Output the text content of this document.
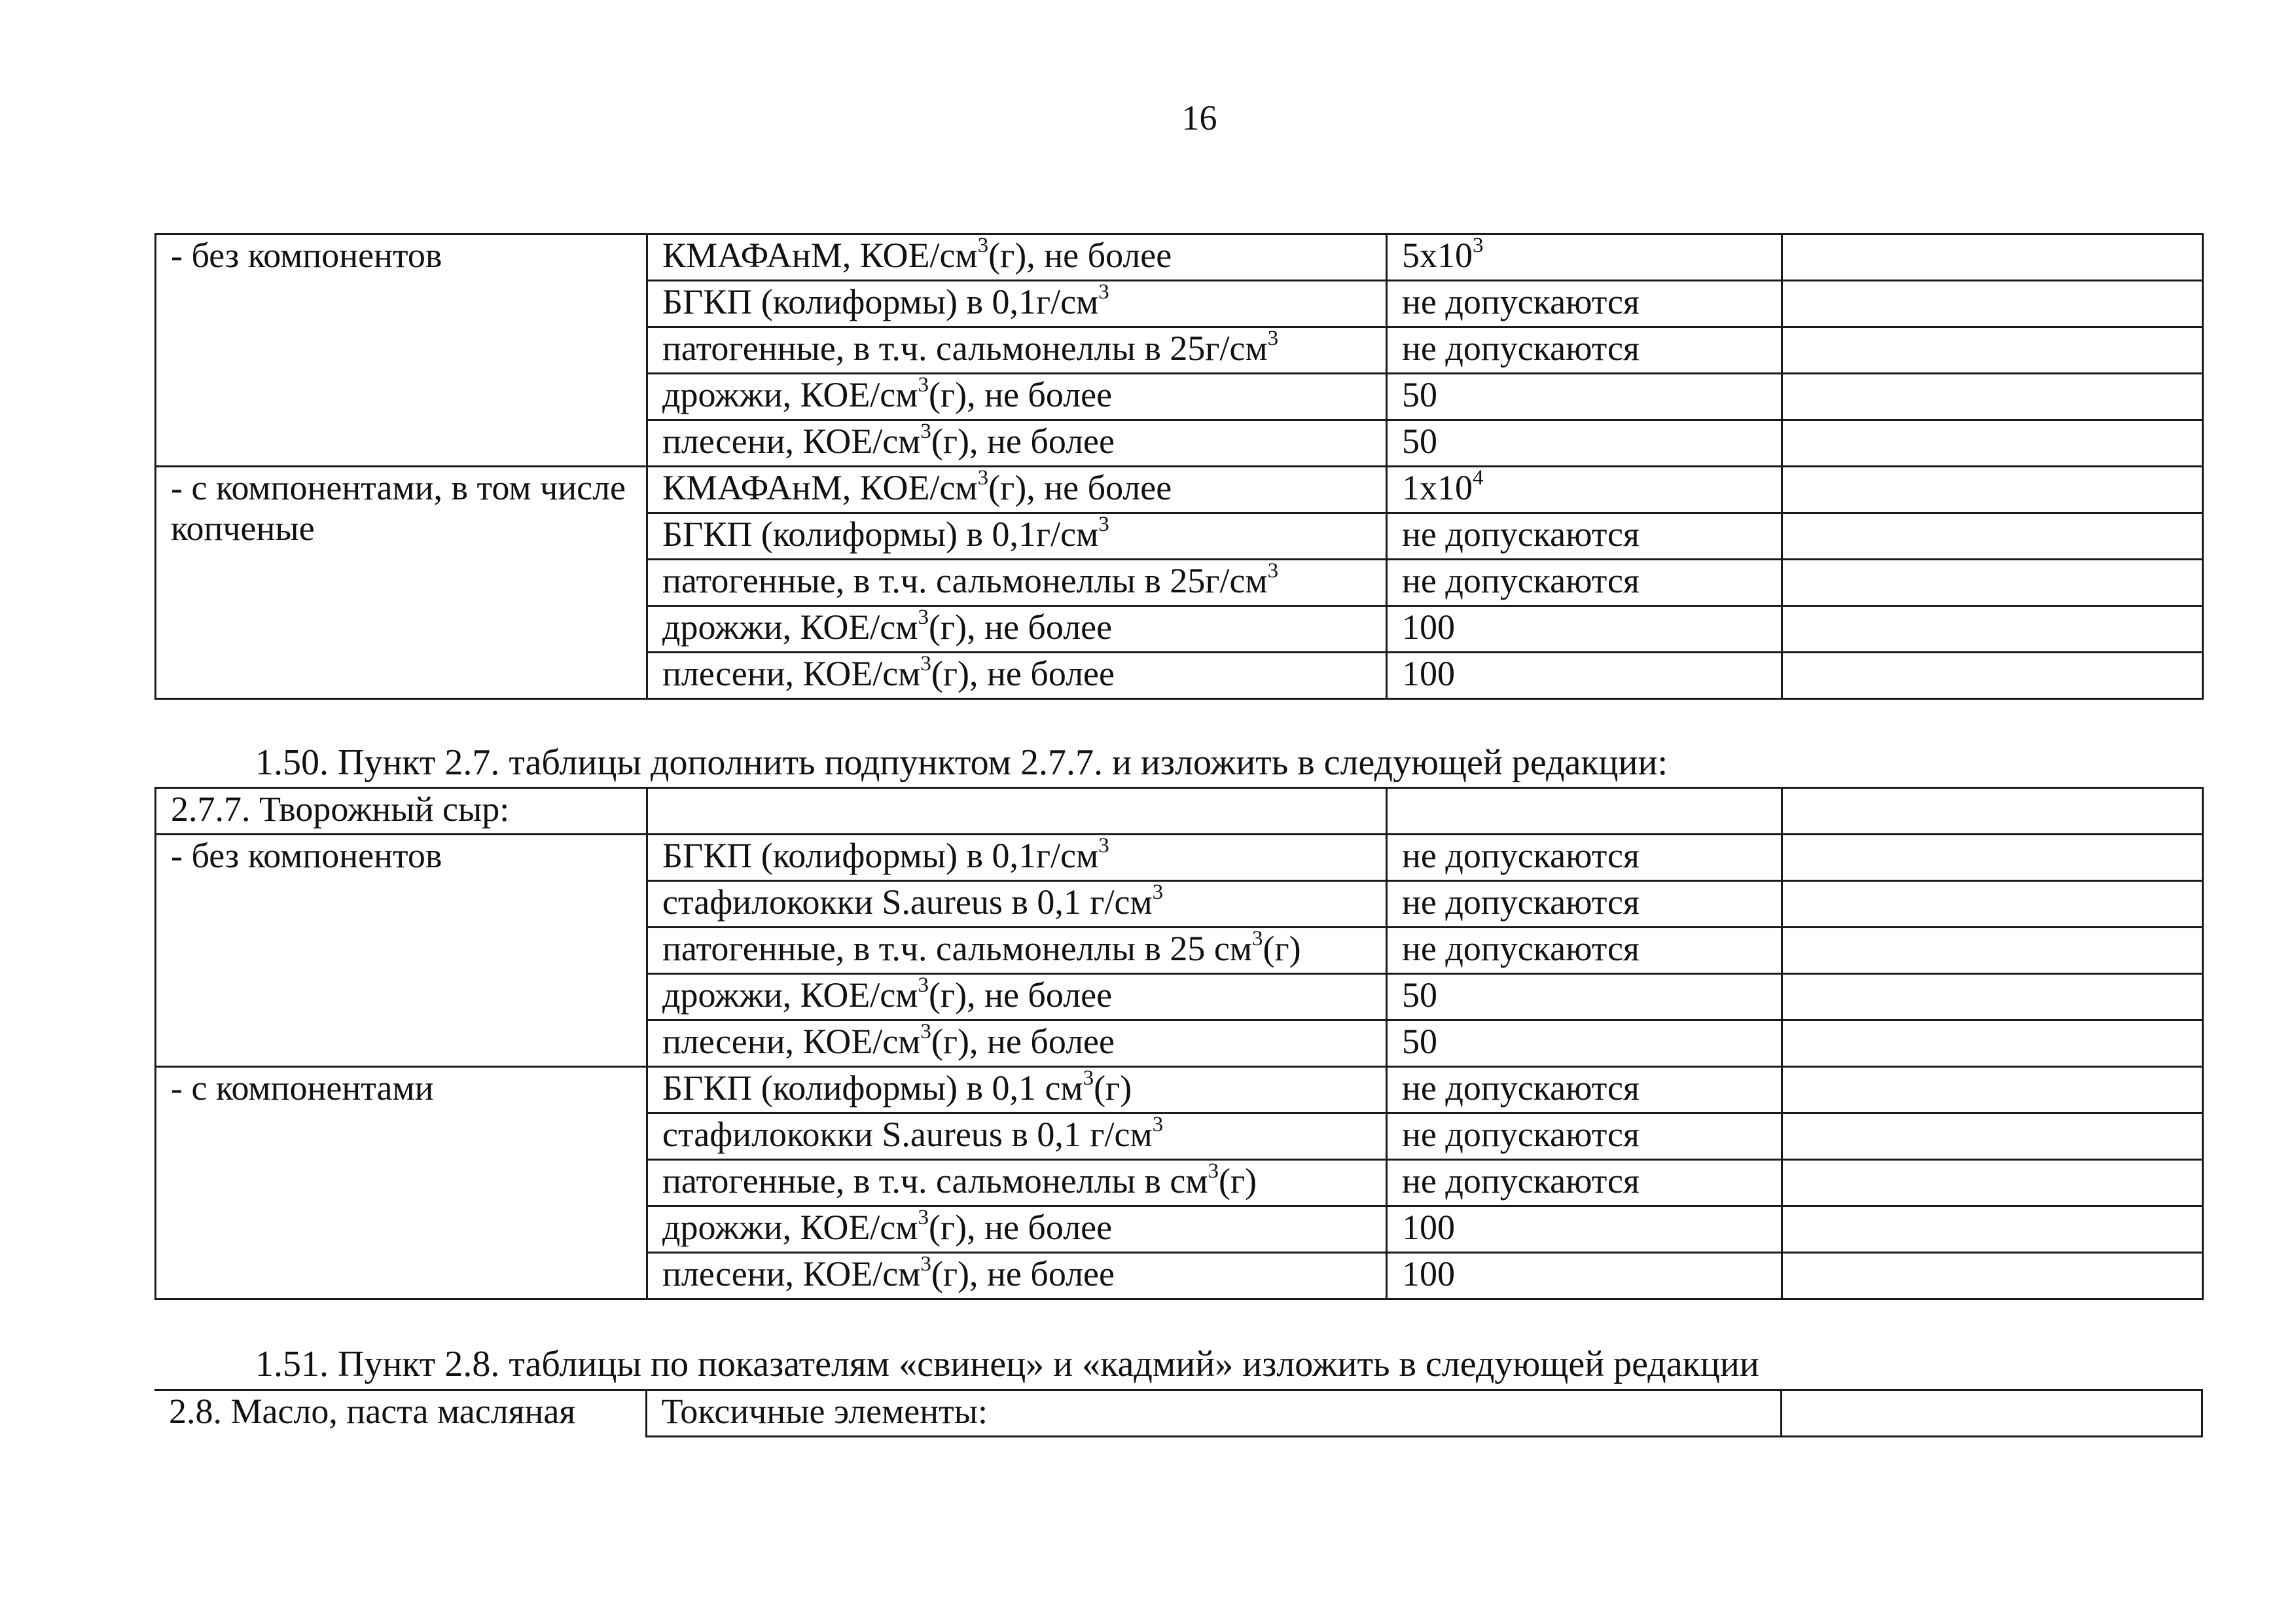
16
- без компонентов	КМАФАнМ, КОЕ/$см^3(г)$, не более	$5х10^3$	
	БГКП (колиформы) в $0,1г/см^3$	не допускаются	
	патогенные, в т.ч. сальмонеллы в $25г/см^3$	не допускаются	
	дрожжи, КОЕ/$см^3(г)$, не более	50	
	плесени, КОЕ/$см^3(г)$, не более	50	
- с компонентами, в том числе копченые	КМАФАнМ, КОЕ/$см^3(г)$, не более	$1х10^4$	
	БГКП (колиформы) в $0,1г/см^3$	не допускаются	
	патогенные, в т.ч. сальмонеллы в $25г/см^3$	не допускаются	
	дрожжи, КОЕ/$см^3(г)$, не более	100	
	плесени, КОЕ/$см^3(г)$, не более	100	
1.50. Пункт 2.7. таблицы дополнить подпунктом 2.7.7. и изложить в следующей редакции:
2.7.7. Творожный сыр:			
- без компонентов	БГКП (колиформы) в $0,1г/см^3$	не допускаются	
	стафилококки S.aureus в 0,1 $г/см^3$	не допускаются	
	патогенные, в т.ч. сальмонеллы в 25 $см^3(г)$	не допускаются	
	дрожжи, КОЕ/$см^3(г)$, не более	50	
	плесени, КОЕ/$см^3(г)$, не более	50	
- с компонентами	БГКП (колиформы) в 0,1 $см^3(г)$	не допускаются	
	стафилококки S.aureus в 0,1 $г/см^3$	не допускаются	
	патогенные, в т.ч. сальмонеллы в $см^3(г)$	не допускаются	
	дрожжи, КОЕ/$см^3(г)$, не более	100	
	плесени, КОЕ/$см^3(г)$, не более	100	
1.51. Пункт 2.8. таблицы по показателям «свинец» и «кадмий» изложить в следующей редакции
2.8. Масло, паста масляная	Токсичные элементы:	
